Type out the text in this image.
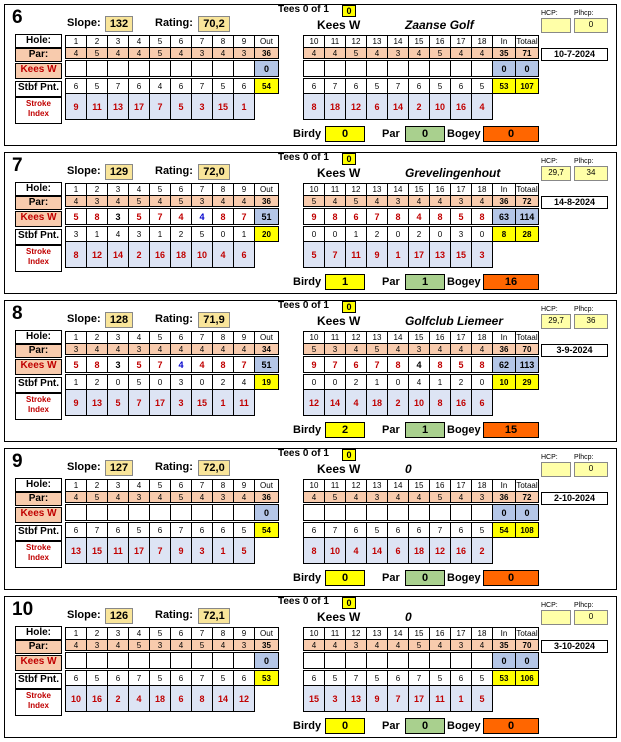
6	Slope: 132	Rating: 70,2
Tees 0 of 1	0
Kees W	Zaanse Golf
HCP:	Plhcp:
0
Hole:
Par:
Kees W
Stbf Pnt.
Stroke
Index
1	2	3	4	5	6	7	8	9	Out
4	5	4	4	5	4	3	4	3	36

									0

6	5	7	6	4	6	7	5	6	54
9	11	13	17	7	5	3	15	1	
10	11	12	13	14	15	16	17	18	In	Totaal
4	4	5	4	3	4	5	4	4	35	71

									0	0

6	7	6	5	7	6	5	6	5	53	107
8	18	12	6	14	2	10	16	4		
10-7-2024
Birdy	0	Par	0	Bogey	0
7	Slope: 129	Rating: 72,0
Tees 0 of 1	0
Kees W	Grevelingenhout
HCP:	Plhcp:
29,7	34
Hole:
Par:
Kees W
Stbf Pnt.
Stroke
Index
1	2	3	4	5	6	7	8	9	Out
4	3	4	5	4	5	3	4	4	36

5	8	3	5	7	4	4	8	7	51

3	1	4	3	1	2	5	0	1	20
8	12	14	2	16	18	10	4	6	
10	11	12	13	14	15	16	17	18	In	Totaal
5	4	5	4	3	4	4	3	4	36	72

9	8	6	7	8	4	8	5	8	63	114

0	0	1	2	0	2	0	3	0	8	28
5	7	11	9	1	17	13	15	3		
14-8-2024
Birdy	1	Par	1	Bogey	16
8	Slope: 128	Rating: 71,9
Tees 0 of 1	0
Kees W	Golfclub Liemeer
HCP:	Plhcp:
29,7	36
Hole:
Par:
Kees W
Stbf Pnt.
Stroke
Index
1	2	3	4	5	6	7	8	9	Out
3	4	4	3	4	4	4	4	4	34

5	8	3	5	7	4	4	8	7	51

1	2	0	5	0	3	0	2	4	19
9	13	5	7	17	3	15	1	11	
10	11	12	13	14	15	16	17	18	In	Totaal
5	3	4	5	4	3	4	4	4	36	70

9	7	6	7	8	4	8	5	8	62	113

0	0	2	1	0	4	1	2	0	10	29
12	14	4	18	2	10	8	16	6		
3-9-2024
Birdy	2	Par	1	Bogey	15
9	Slope: 127	Rating: 72,0
Tees 0 of 1	0
Kees W	0
HCP:	Plhcp:
0
Hole:
Par:
Kees W
Stbf Pnt.
Stroke
Index
1	2	3	4	5	6	7	8	9	Out
4	5	4	3	4	5	4	3	4	36

									0

6	7	6	5	6	7	6	6	5	54
13	15	11	17	7	9	3	1	5	
10	11	12	13	14	15	16	17	18	In	Totaal
4	5	4	3	4	4	5	4	3	36	72

									0	0

6	7	6	5	6	6	7	6	5	54	108
8	10	4	14	6	18	12	16	2		
2-10-2024
Birdy	0	Par	0	Bogey	0
10	Slope: 126	Rating: 72,1
Tees 0 of 1	0
Kees W	0
HCP:	Plhcp:
0
Hole:
Par:
Kees W
Stbf Pnt.
Stroke
Index
1	2	3	4	5	6	7	8	9	Out
4	3	4	5	3	4	5	4	3	35

									0

6	5	6	7	5	6	7	5	6	53
10	16	2	4	18	6	8	14	12	
10	11	12	13	14	15	16	17	18	In	Totaal
4	4	3	4	4	5	4	3	4	35	70

									0	0

6	5	7	5	6	7	5	6	5	53	106
15	3	13	9	7	17	11	1	5		
3-10-2024
Birdy	0	Par	0	Bogey	0
